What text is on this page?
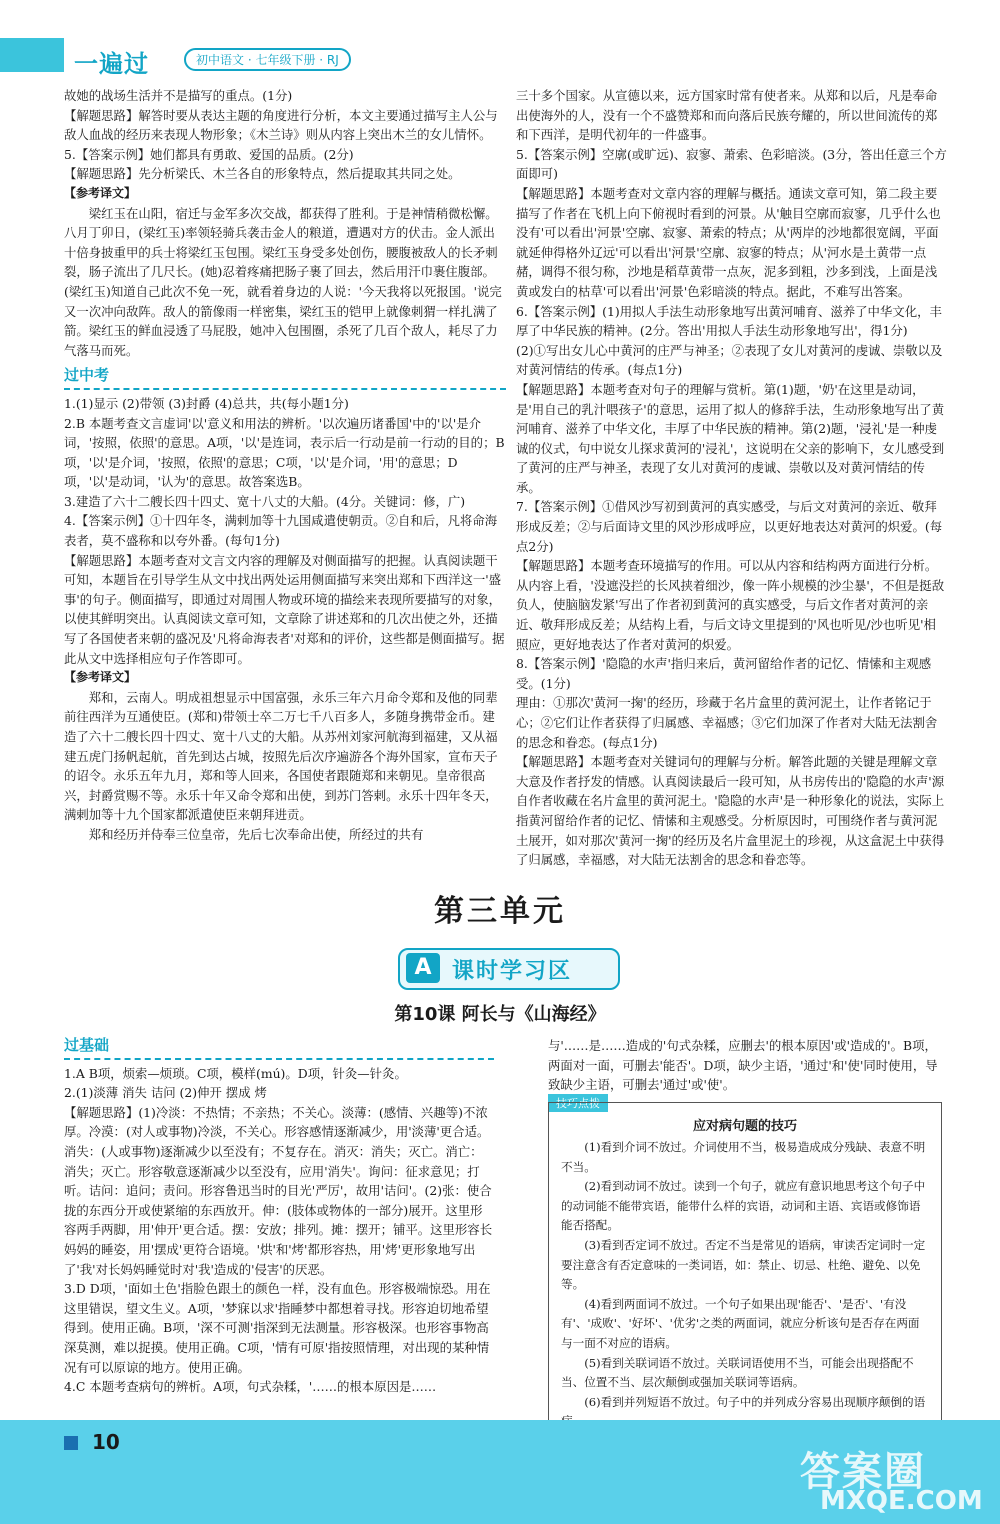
一遍过	初中语文 · 七年级下册 · RJ

故她的战场生活并不是描写的重点。(1分)

【解题思路】解答时要从表达主题的角度进行分析，本文主要通过描写主人公与敌人血战的经历来表现人物形象；《木兰诗》则从内容上突出木兰的女儿情怀。

5.【答案示例】她们都具有勇敢、爱国的品质。(2分)

【解题思路】先分析梁氏、木兰各自的形象特点，然后提取其共同之处。

【参考译文】

梁红玉在山阳，宿迁与金军多次交战，都获得了胜利。于是神情稍微松懈。八月丁卯日，(梁红玉)率领轻骑兵袭击金人的粮道，遭遇对方的伏击。金人派出十倍身披重甲的兵士将梁红玉包围。梁红玉身受多处创伤，腰腹被敌人的长矛刺裂，肠子流出了几尺长。(她)忍着疼痛把肠子裹了回去，然后用汗巾裹住腹部。(梁红玉)知道自己此次不免一死，就看着身边的人说：'今天我将以死报国。'说完又一次冲向敌阵。敌人的箭像雨一样密集，梁红玉的铠甲上就像刺猬一样扎满了箭。梁红玉的鲜血浸透了马屁股，她冲入包围圈，杀死了几百个敌人，耗尽了力气落马而死。

过中考

1.(1)显示 (2)带领 (3)封爵 (4)总共，共(每小题1分)

2.B 本题考查文言虚词'以'意义和用法的辨析。'以次遍历诸番国'中的'以'是介词，'按照，依照'的意思。A项，'以'是连词，表示后一行动是前一行动的目的；B项，'以'是介词，'按照，依照'的意思；C项，'以'是介词，'用'的意思；D项，'以'是动词，'认为'的意思。故答案选B。

3.建造了六十二艘长四十四丈、宽十八丈的大船。(4分。关键词：修，广)

4.【答案示例】①十四年冬，满剌加等十九国咸遣使朝贡。②自和后，凡将命海表者，莫不盛称和以夸外番。(每句1分)

【解题思路】本题考查对文言文内容的理解及对侧面描写的把握。认真阅读题干可知，本题旨在引导学生从文中找出两处运用侧面描写来突出郑和下西洋这一'盛事'的句子。侧面描写，即通过对周围人物或环境的描绘来表现所要描写的对象，以使其鲜明突出。认真阅读文章可知，文章除了讲述郑和的几次出使之外，还描写了各国使者来朝的盛况及'凡将命海表者'对郑和的评价，这些都是侧面描写。据此从文中选择相应句子作答即可。

【参考译文】

郑和，云南人。明成祖想显示中国富强，永乐三年六月命令郑和及他的同辈前往西洋为互通使臣。(郑和)带领士卒二万七千八百多人，多随身携带金币。建造了六十二艘长四十四丈、宽十八丈的大船。从苏州刘家河航海到福建，又从福建五虎门扬帆起航，首先到达占城，按照先后次序遍游各个海外国家，宣布天子的诏令。永乐五年九月，郑和等人回来，各国使者跟随郑和来朝见。皇帝很高兴，封爵赏赐不等。永乐十年又命令郑和出使，到苏门答剌。永乐十四年冬天，满剌加等十九个国家都派遣使臣来朝拜进贡。

郑和经历并侍奉三位皇帝，先后七次奉命出使，所经过的共有

三十多个国家。从宣德以来，远方国家时常有使者来。从郑和以后，凡是奉命出使海外的人，没有一个不盛赞郑和而向落后民族夸耀的，所以世间流传的郑和下西洋，是明代初年的一件盛事。

5.【答案示例】空廓(或旷远)、寂寥、萧索、色彩暗淡。(3分，答出任意三个方面即可)

【解题思路】本题考查对文章内容的理解与概括。通读文章可知，第二段主要描写了作者在飞机上向下俯视时看到的河景。从'触目空廓而寂寥，几乎什么也没有'可以看出'河景'空廓、寂寥、萧索的特点；从'两岸的沙地都很宽阔，平面就延伸得格外辽远'可以看出'河景'空廓、寂寥的特点；从'河水是土黄带一点赭，调得不很匀称，沙地是稻草黄带一点灰，泥多到粗，沙多到浅，上面是浅黄或发白的枯草'可以看出'河景'色彩暗淡的特点。据此，不难写出答案。

6.【答案示例】(1)用拟人手法生动形象地写出黄河哺育、滋养了中华文化，丰厚了中华民族的精神。(2分。答出'用拟人手法生动形象地写出'，得1分)

(2)①写出女儿心中黄河的庄严与神圣；②表现了女儿对黄河的虔诚、崇敬以及对黄河情结的传承。(每点1分)

【解题思路】本题考查对句子的理解与赏析。第(1)题，'奶'在这里是动词，是'用自己的乳汁喂孩子'的意思，运用了拟人的修辞手法，生动形象地写出了黄河哺育、滋养了中华文化，丰厚了中华民族的精神。第(2)题，'浸礼'是一种虔诚的仪式，句中说女儿探求黄河的'浸礼'，这说明在父亲的影响下，女儿感受到了黄河的庄严与神圣，表现了女儿对黄河的虔诚、崇敬以及对黄河情结的传承。

7.【答案示例】①借风沙写初到黄河的真实感受，与后文对黄河的亲近、敬拜形成反差；②与后面诗文里的风沙形成呼应，以更好地表达对黄河的炽爱。(每点2分)

【解题思路】本题考查环境描写的作用。可以从内容和结构两方面进行分析。从内容上看，'没遮没拦的长风挟着细沙，像一阵小规模的沙尘暴'，不但是挺敌负人，使脑脑发紧'写出了作者初到黄河的真实感受，与后文作者对黄河的亲近、敬拜形成反差；从结构上看，与后文诗文里提到的'风也听见/沙也听见'相照应，更好地表达了作者对黄河的炽爱。

8.【答案示例】'隐隐的水声'指归来后，黄河留给作者的记忆、情愫和主观感受。(1分)

理由：①那次'黄河一掬'的经历，珍藏于名片盒里的黄河泥土，让作者铭记于心；②它们让作者获得了归属感、幸福感；③它们加深了作者对大陆无法割舍的思念和眷恋。(每点1分)

【解题思路】本题考查对关键词句的理解与分析。解答此题的关键是理解文章大意及作者抒发的情感。认真阅读最后一段可知，从书房传出的'隐隐的水声'源自作者收藏在名片盒里的黄河泥土。'隐隐的水声'是一种形象化的说法，实际上指黄河留给作者的记忆、情愫和主观感受。分析原因时，可围绕作者与黄河泥土展开，如对那次'黄河一掬'的经历及名片盒里泥土的珍视，从这盒泥土中获得了归属感，幸福感，对大陆无法割舍的思念和眷恋等。

第三单元
A 课时学习区
第10课 阿长与《山海经》
过基础

1.A B项，烦索—烦琐。C项，模样(mú)。D项，针灸—针灸。

2.(1)淡薄 消失 诘问 (2)伸开 摆成 烤

【解题思路】(1)冷淡：不热情；不亲热；不关心。淡薄：(感情、兴趣等)不浓厚。冷漠：(对人或事物)冷淡，不关心。形容感情逐渐减少，用'淡薄'更合适。消失：(人或事物)逐渐减少以至没有；不复存在。消灭：消失；灭亡。消亡：消失；灭亡。形容敬意逐渐减少以至没有，应用'消失'。询问：征求意见；打听。诘问：追问；责问。形容鲁迅当时的目光'严厉'，故用'诘问'。(2)张：使合拢的东西分开或使紧缩的东西放开。伸：(肢体或物体的一部分)展开。这里形容两手两脚，用'伸开'更合适。摆：安放；排列。摊：摆开；铺平。这里形容长妈妈的睡姿，用'摆成'更符合语境。'烘'和'烤'都形容热，用'烤'更形象地写出了'我'对长妈妈睡觉时对'我'造成的'侵害'的厌恶。

3.D D项，'面如土色'指脸色跟土的颜色一样，没有血色。形容极端惊恐。用在这里错误，望文生义。A项，'梦寐以求'指睡梦中都想着寻找。形容迫切地希望得到。使用正确。B项，'深不可测'指深到无法测量。形容极深。也形容事物高深莫测，难以捉摸。使用正确。C项，'情有可原'指按照情理，对出现的某种情况有可以原谅的地方。使用正确。

4.C 本题考查病句的辨析。A项，句式杂糅，'……的根本原因是……

与'……是……造成的'句式杂糅，应删去'的根本原因'或'造成的'。B项，两面对一面，可删去'能否'。D项，缺少主语，'通过'和'使'同时使用，导致缺少主语，可删去'通过'或'使'。

技巧点拨
应对病句题的技巧

(1)看到介词不放过。介词使用不当，极易造成成分残缺、表意不明不当。

(2)看到动词不放过。读到一个句子，就应有意识地思考这个句子中的动词能不能带宾语，能带什么样的宾语，动词和主语、宾语或修饰语能否搭配。

(3)看到否定词不放过。否定不当是常见的语病，审读否定词时一定要注意含有否定意味的一类词语，如：禁止、切忌、杜绝、避免、以免等。

(4)看到两面词不放过。一个句子如果出现'能否'、'是否'、'有没有'、'成败'、'好坏'、'优劣'之类的两面词，就应分析该句是否存在两面与一面不对应的语病。

(5)看到关联词语不放过。关联词语使用不当，可能会出现搭配不当、位置不当、层次颠倒或强加关联词等语病。

(6)看到并列短语不放过。句子中的并列成分容易出现顺序颠倒的语

10
答案圈
MXQE.COM
